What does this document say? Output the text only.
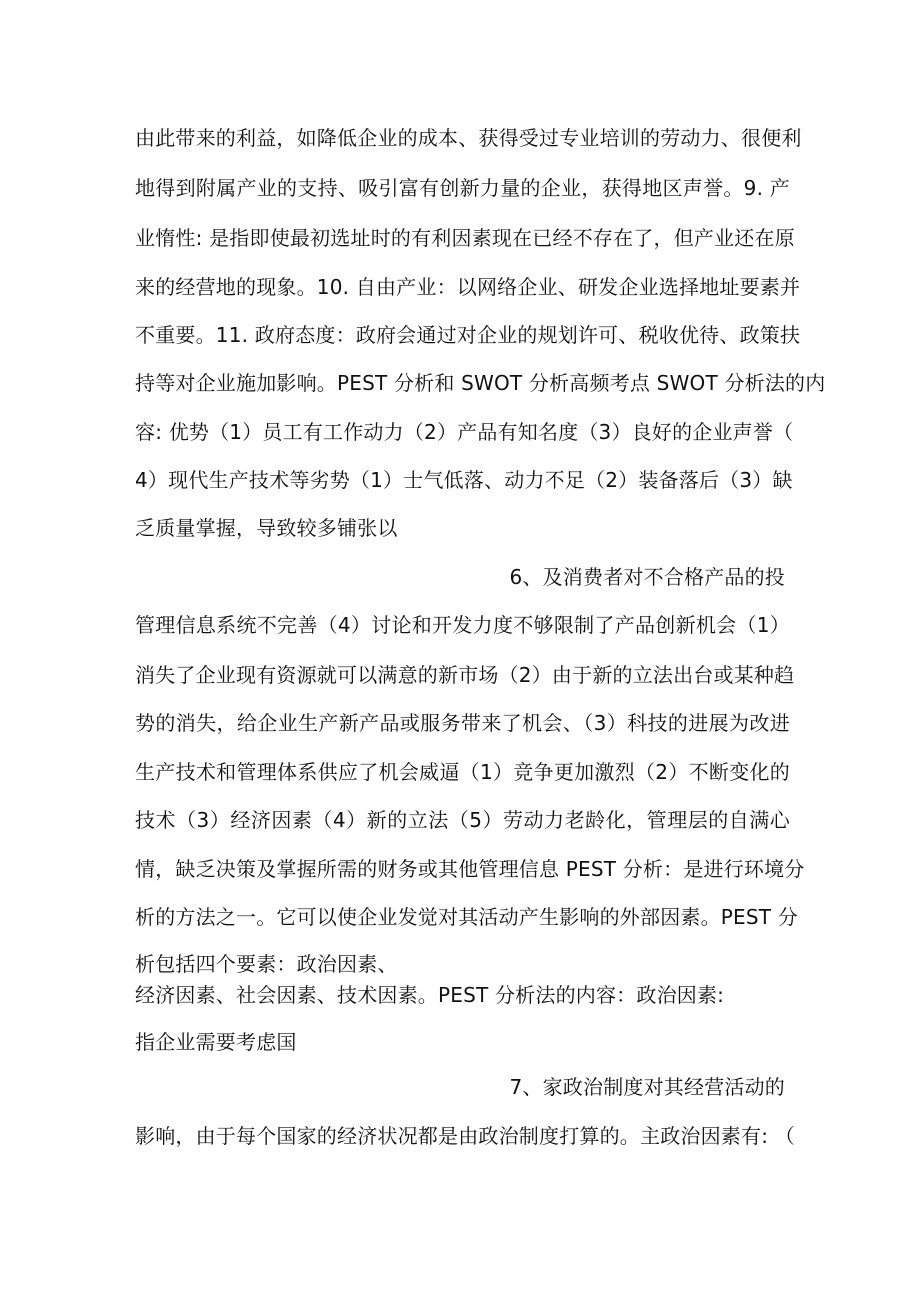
由此带来的利益，如降低企业的成本、获得受过专业培训的劳动力、很便利
地得到附属产业的支持、吸引富有创新力量的企业，获得地区声誉。9. 产
业惰性: 是指即使最初选址时的有利因素现在已经不存在了，但产业还在原
来的经营地的现象。10. 自由产业：以网络企业、研发企业选择地址要素并
不重要。11. 政府态度：政府会通过对企业的规划许可、税收优待、政策扶
持等对企业施加影响。PEST 分析和 SWOT 分析高频考点 SWOT 分析法的内
容: 优势（1）员工有工作动力（2）产品有知名度（3）良好的企业声誉（
4）现代生产技术等劣势（1）士气低落、动力不足（2）装备落后（3）缺
乏质量掌握，导致较多铺张以
6、及消费者对不合格产品的投
管理信息系统不完善（4）讨论和开发力度不够限制了产品创新机会（1）
消失了企业现有资源就可以满意的新市场（2）由于新的立法出台或某种趋
势的消失，给企业生产新产品或服务带来了机会、（3）科技的进展为改进
生产技术和管理体系供应了机会威逼（1）竞争更加激烈（2）不断变化的
技术（3）经济因素（4）新的立法（5）劳动力老龄化，管理层的自满心
情，缺乏决策及掌握所需的财务或其他管理信息 PEST 分析：是进行环境分
析的方法之一。它可以使企业发觉对其活动产生影响的外部因素。PEST 分
析包括四个要素：政治因素、
经济因素、社会因素、技术因素。PEST 分析法的内容：政治因素:
指企业需要考虑国
7、家政治制度对其经营活动的
影响，由于每个国家的经济状况都是由政治制度打算的。主政治因素有: （
